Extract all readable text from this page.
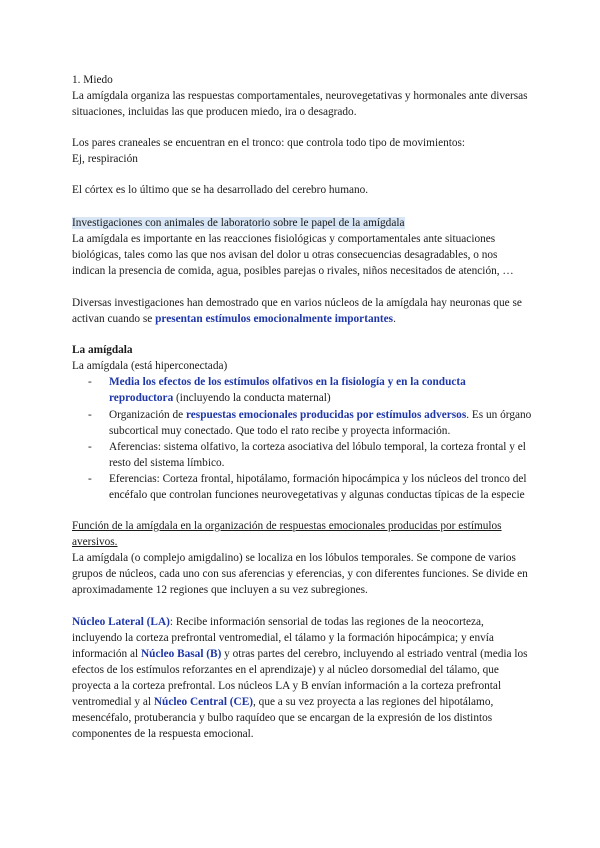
1. Miedo

La amígdala organiza las respuestas comportamentales, neurovegetativas y hormonales ante diversas situaciones, incluidas las que producen miedo, ira o desagrado.

Los pares craneales se encuentran en el tronco: que controla todo tipo de movimientos:

Ej, respiración

El córtex es lo último que se ha desarrollado del cerebro humano.

Investigaciones con animales de laboratorio sobre le papel de la amígdala

La amígdala es importante en las reacciones fisiológicas y comportamentales ante situaciones biológicas, tales como las que nos avisan del dolor u otras consecuencias desagradables, o nos indican la presencia de comida, agua, posibles parejas o rivales, niños necesitados de atención, …

Diversas investigaciones han demostrado que en varios núcleos de la amígdala hay neuronas que se activan cuando se presentan estímulos emocionalmente importantes.

La amígdala

La amígdala (está hiperconectada)

- Media los efectos de los estímulos olfativos en la fisiología y en la conducta reproductora (incluyendo la conducta maternal)
- Organización de respuestas emocionales producidas por estímulos adversos. Es un órgano subcortical muy conectado. Que todo el rato recibe y proyecta información.
- Aferencias: sistema olfativo, la corteza asociativa del lóbulo temporal, la corteza frontal y el resto del sistema límbico.
- Eferencias: Corteza frontal, hipotálamo, formación hipocámpica y los núcleos del tronco del encéfalo que controlan funciones neurovegetativas y algunas conductas típicas de la especie

Función de la amígdala en la organización de respuestas emocionales producidas por estímulos aversivos.

La amígdala (o complejo amigdalino) se localiza en los lóbulos temporales. Se compone de varios grupos de núcleos, cada uno con sus aferencias y eferencias, y con diferentes funciones. Se divide en aproximadamente 12 regiones que incluyen a su vez subregiones.

Núcleo Lateral (LA): Recibe información sensorial de todas las regiones de la neocorteza, incluyendo la corteza prefrontal ventromedial, el tálamo y la formación hipocámpica; y envía información al Núcleo Basal (B) y otras partes del cerebro, incluyendo al estriado ventral (media los efectos de los estímulos reforzantes en el aprendizaje) y al núcleo dorsomedial del tálamo, que proyecta a la corteza prefrontal. Los núcleos LA y B envían información a la corteza prefrontal ventromedial y al Núcleo Central (CE), que a su vez proyecta a las regiones del hipotálamo, mesencéfalo, protuberancia y bulbo raquídeo que se encargan de la expresión de los distintos componentes de la respuesta emocional.
